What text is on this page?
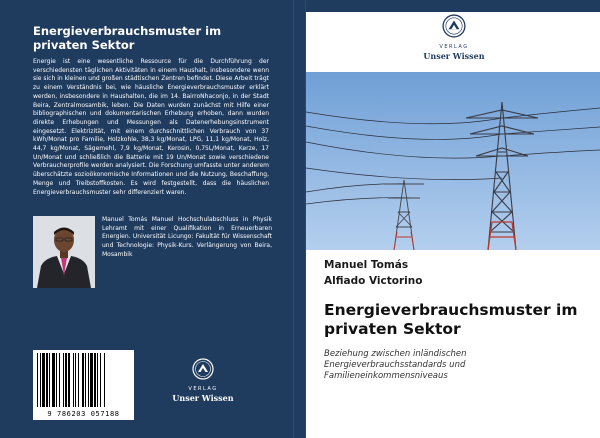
Energieverbrauchsmuster im privaten Sektor

Energie ist eine wesentliche Ressource für die Durchführung der verschiedensten täglichen Aktivitäten in einem Haushalt, insbesondere wenn sie sich in kleinen und großen städtischen Zentren befindet. Diese Arbeit trägt zu einem Verständnis bei, wie häusliche Energieverbrauchsmuster erklärt werden, insbesondere in Haushalten, die im 14. BairroNhaconjo, in der Stadt Beira, Zentralmosambik, leben. Die Daten wurden zunächst mit Hilfe einer bibliographischen und dokumentarischen Erhebung erhoben, dann wurden direkte Erhebungen und Messungen als Datenerhebungsinstrument eingesetzt. Elektrizität, mit einem durchschnittlichen Verbrauch von 37 kWh/Monat pro Familie, Holzkohle, 38,3 kg/Monat, LPG, 11,1 kg/Monat, Holz, 44,7 kg/Monat, Sägemehl, 7,9 kg/Monat, Kerosin, 0,75L/Monat, Kerze, 17 Un/Monat und schließlich die Batterie mit 19 Un/Monat sowie verschiedene Verbraucherprofile werden analysiert. Die Forschung umfasste unter anderem überschätzte sozioökonomische Informationen und die Nutzung, Beschaffung, Menge und Treibstoffkosten. Es wird festgestellt, dass die häuslichen Energieverbrauchsmuster sehr differenziert waren.

Manuel Tomás Manuel Hochschulabschluss in Physik Lehramt mit einer Qualifikation in Erneuerbaren Energien. Universität Licungo: Fakultät für Wissenschaft und Technologie: Physik-Kurs. Verlängerung von Beira, Mosambik

9 786203 057188
VERLAG
Unser Wissen
VERLAG
Unser Wissen
Manuel Tomás
Alfiado Victorino
Energieverbrauchsmuster im privaten Sektor
Beziehung zwischen inländischen Energieverbrauchsstandards und Familieneinkommensniveaus
